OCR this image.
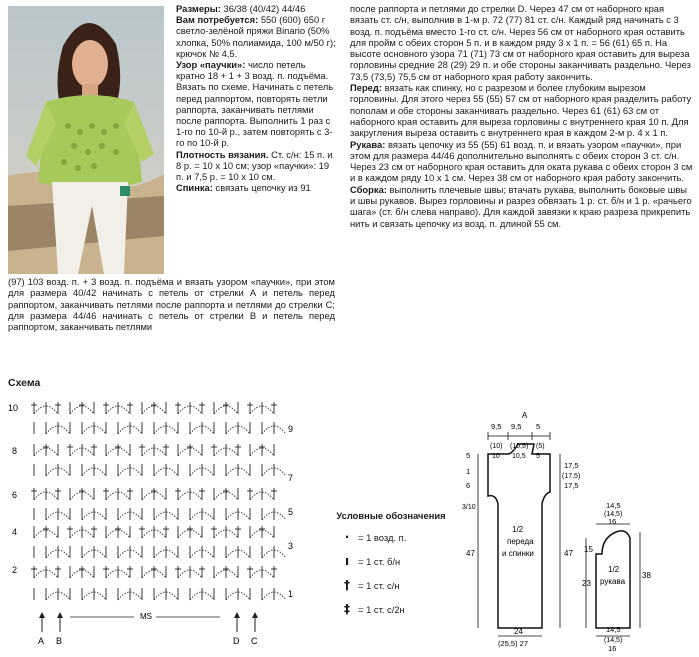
Размеры: 36/38 (40/42) 44/46

Вам потребуется: 550 (600) 650 г светло-зелёной пряжи Binario (50% хлопка, 50% полиамида, 100 м/50 г); крючок № 4,5.

Узор «паучки»: число петель кратно 18 + 1 + 3 возд. п. подъёма. Вязать по схеме. Начинать с петель перед раппортом, повторять петли раппорта, заканчивать петлями после раппорта. Выполнить 1 раз с 1-го по 10-й р., затем повторять с 3-го по 10-й р.

Плотность вязания. Ст. с/н: 15 п. и 8 р. = 10 х 10 см; узор «паучки»: 19 п. и 7,5 р. = 10 х 10 см.

Спинка: связать цепочку из 91

(97) 103 возд. п. + 3 возд. п. подъёма и вязать узором «паучки», при этом для размера 40/42 начинать с петель от стрелки А и петель перед раппортом, заканчивать петлями после раппорта и петлями до стрелки С; для размера 44/46 начинать с петель от стрелки В и петель перед раппортом, заканчивать петлями

после раппорта и петлями до стрелки D. Через 47 см от наборного края вязать ст. с/н, выполнив в 1-м р. 72 (77) 81 ст. с/н. Каждый ряд начинать с 3 возд. п. подъёма вместо 1-го ст. с/н. Через 56 см от наборного края оставить для пройм с обеих сторон 5 п. и в каждом ряду 3 х 1 п. = 56 (61) 65 п. На высоте основного узора 71 (71) 73 см от наборного края оставить для выреза горловины средние 28 (29) 29 п. и обе стороны заканчивать раздельно. Через 73,5 (73,5) 75,5 см от наборного края работу закончить.

Перед: вязать как спинку, но с разрезом и более глубоким вырезом горловины. Для этого через 55 (55) 57 см от наборного края разделить работу пополам и обе стороны заканчивать раздельно. Через 61 (61) 63 см от наборного края оставить для выреза горловины с внутреннего края 10 п. Для закругления выреза оставить с внутреннего края в каждом 2-м р. 4 х 1 п.

Рукава: вязать цепочку из 55 (55) 61 возд. п. и вязать узором «паучки», при этом для размера 44/46 дополнительно выполнять с обеих сторон 3 ст. с/н. Через 23 см от наборного края оставить для оката рукава с обеих сторон 3 см и в каждом ряду 10 х 1 см. Через 38 см от наборного края работу закончить.

Сборка: выполнить плечевые швы; втачать рукава, выполнить боковые швы и швы рукавов. Вырез горловины и разрез обвязать 1 р. ст. б/н и 1 р. «рачьего шага» (ст. б/н слева направо). Для каждой завязки к краю разреза прикрепить нить и связать цепочку из возд. п. длиной 55 см.

Схема
10
8
6
4
2
9
7
5
3
1
MS
A B	D C
Условные обозначения
· = 1 возд. п.
ı = 1 ст. б/н
† = 1 ст. с/н
‡ = 1 ст. с/2н
A
9,5 9,5 5
(10) (10,5) (5)
10 10,5 5
5
1
6
3/10
17,5
(17,5)
17,5
1/2
переда
и спинки
47	47
24
(25,5) 27
14,5
(14,5)
16
15
23
38
1/2
рукава
14,5
(14,5)
16
